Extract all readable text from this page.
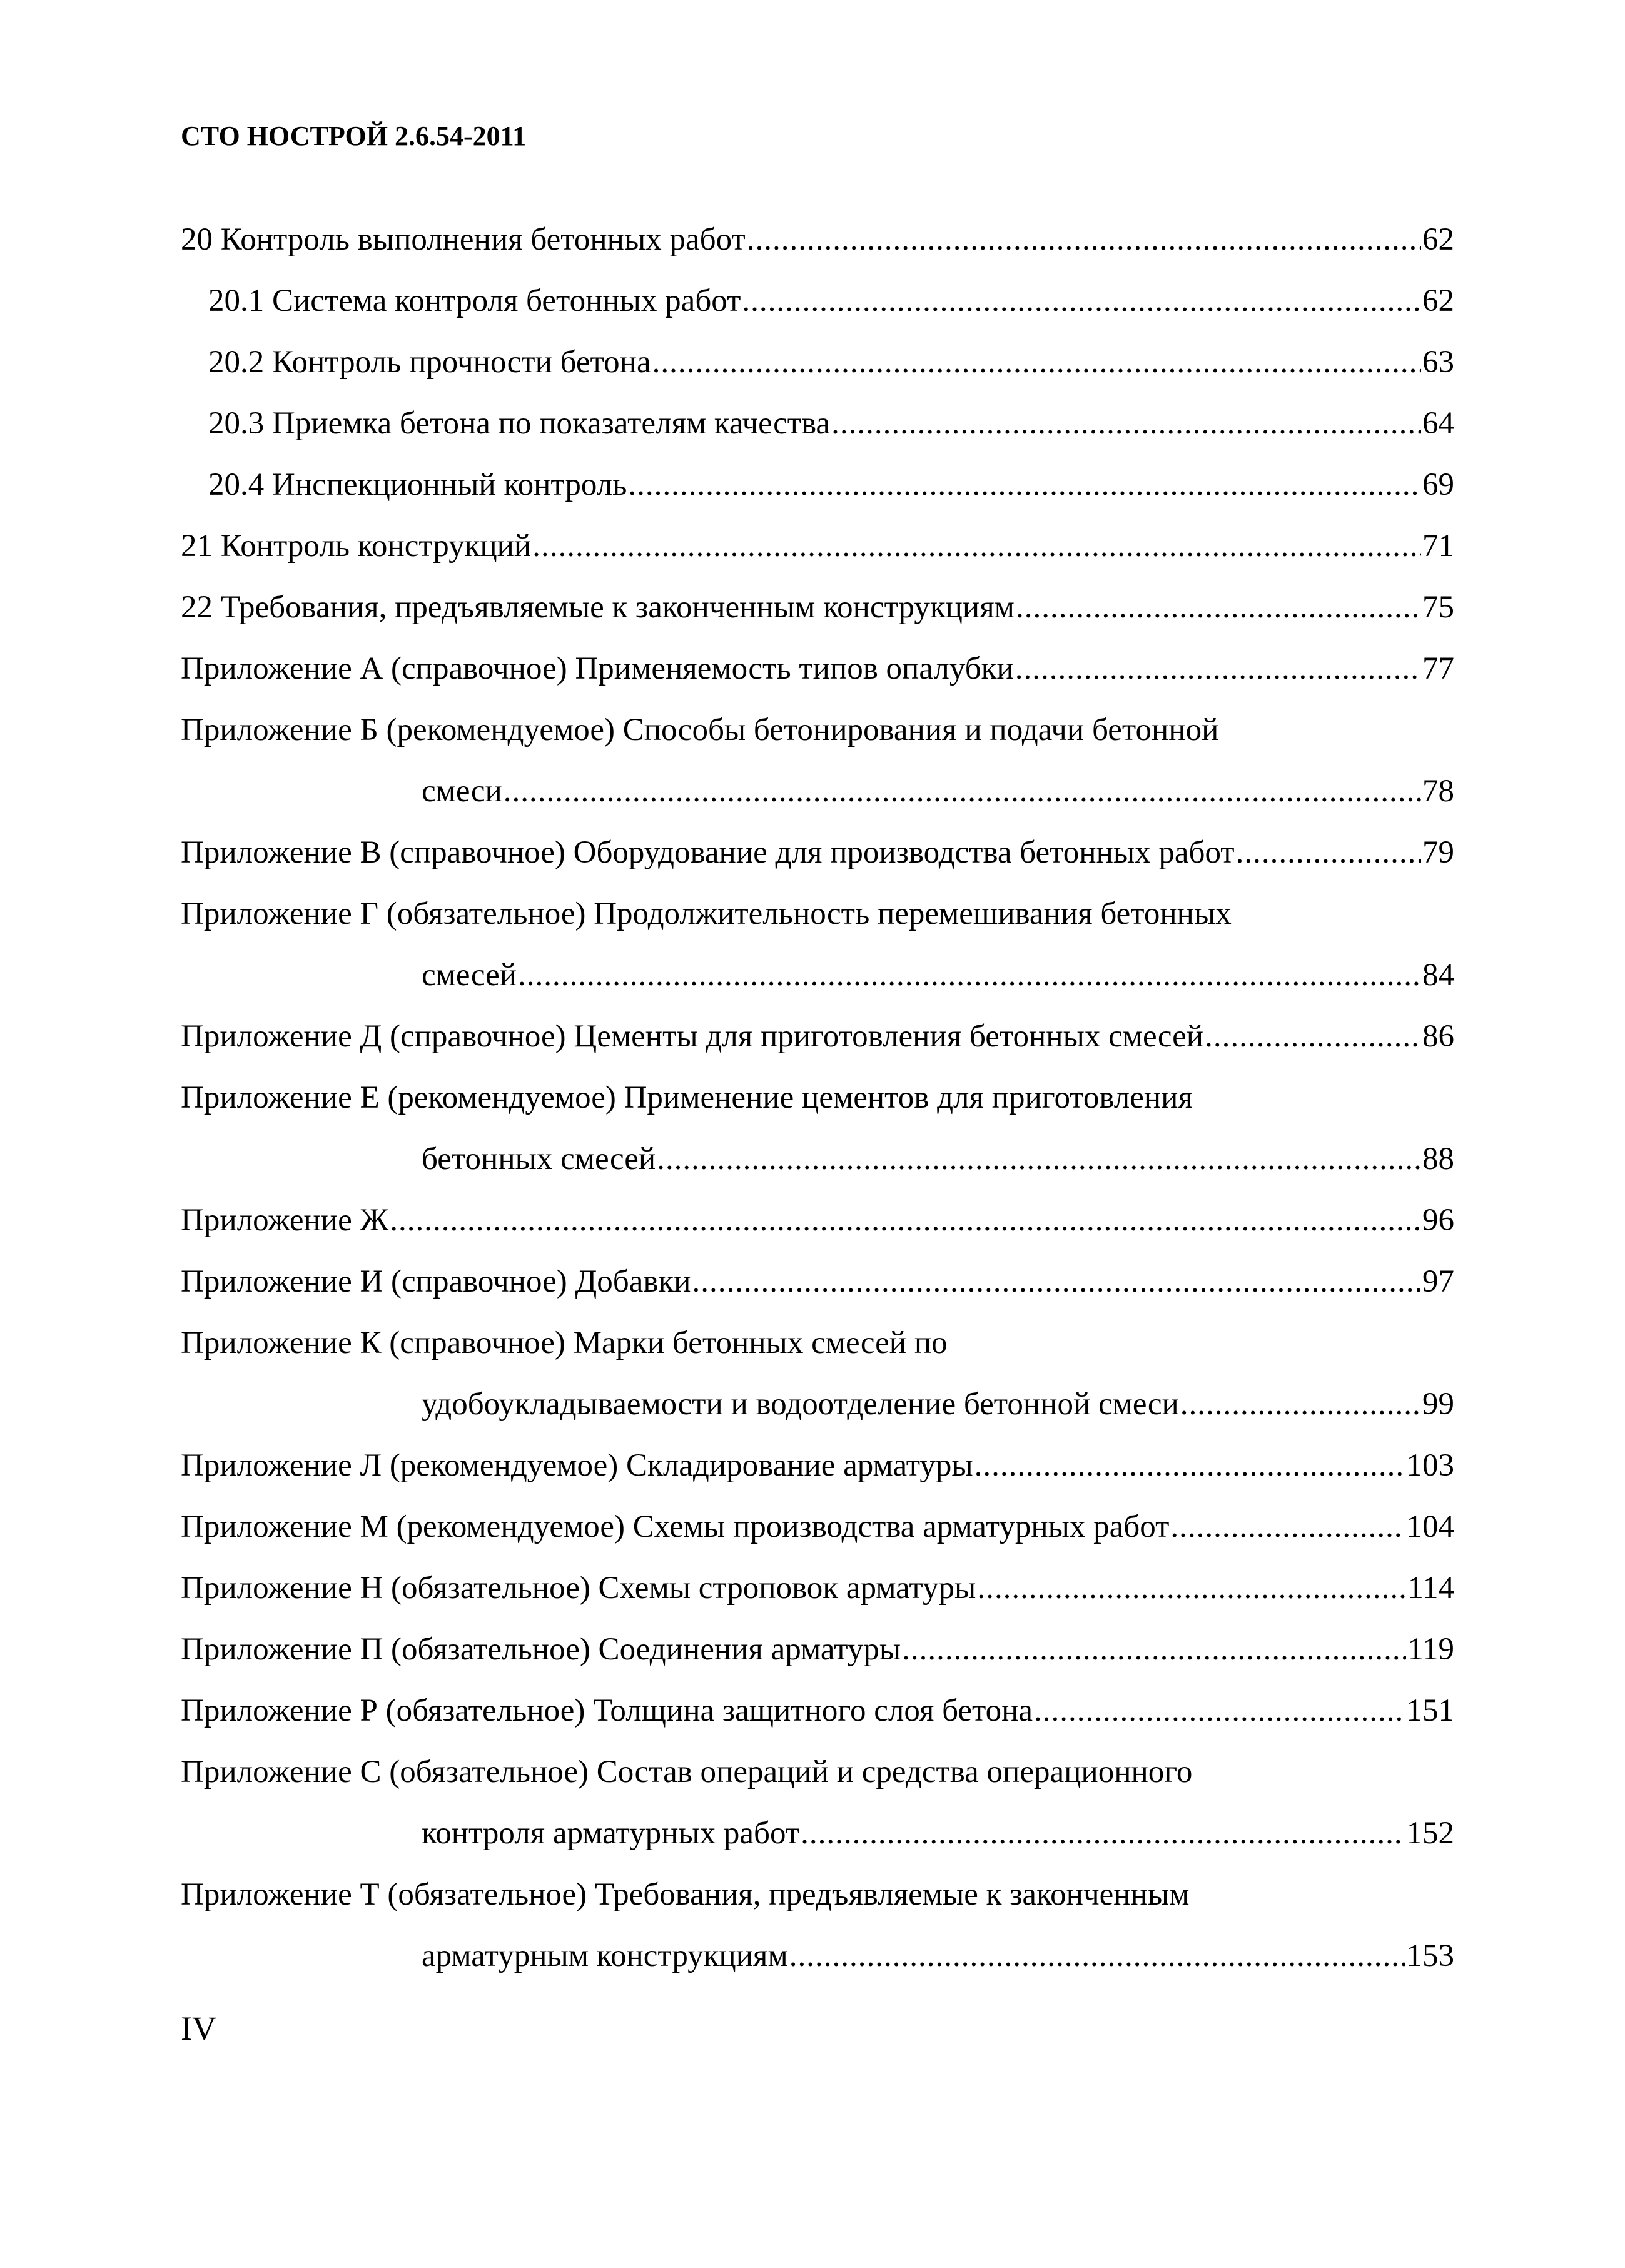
СТО НОСТРОЙ 2.6.54-2011
20 Контроль выполнения бетонных работ .....	62
20.1 Система контроля бетонных работ .....	62
20.2 Контроль прочности бетона .....	63
20.3 Приемка бетона по показателям качества .....	64
20.4 Инспекционный контроль .....	69
21 Контроль конструкций .....	71
22 Требования, предъявляемые к законченным конструкциям .....	75
Приложение А (справочное) Применяемость типов опалубки .....	77
Приложение Б (рекомендуемое) Способы бетонирования и подачи бетонной
смеси .....	78
Приложение В (справочное) Оборудование для производства бетонных работ .....	79
Приложение Г (обязательное) Продолжительность перемешивания бетонных
смесей .....	84
Приложение Д (справочное) Цементы для приготовления бетонных смесей .....	86
Приложение Е (рекомендуемое) Применение цементов для приготовления
бетонных смесей .....	88
Приложение Ж .....	96
Приложение И (справочное) Добавки .....	97
Приложение К (справочное) Марки бетонных смесей по
удобоукладываемости и водоотделение бетонной смеси .....	99
Приложение Л (рекомендуемое) Складирование арматуры .....	103
Приложение М (рекомендуемое) Схемы производства арматурных работ .....	104
Приложение Н (обязательное) Схемы строповок арматуры .....	114
Приложение П (обязательное) Соединения арматуры .....	119
Приложение Р (обязательное) Толщина защитного слоя бетона .....	151
Приложение С (обязательное) Состав операций и средства операционного
контроля арматурных работ .....	152
Приложение Т (обязательное) Требования, предъявляемые к законченным
арматурным конструкциям .....	153
IV
